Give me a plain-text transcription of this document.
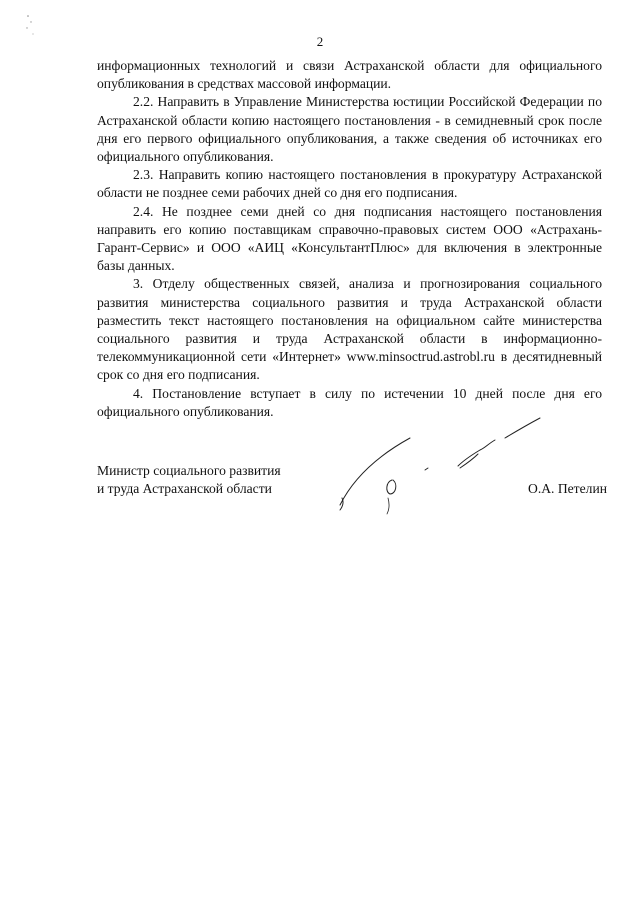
2

информационных технологий и связи Астраханской области для официального опубликования в средствах массовой информации.

2.2. Направить в Управление Министерства юстиции Российской Федерации по Астраханской области копию настоящего постановления - в семидневный срок после дня его первого официального опубликования, а также сведения об источниках его официального опубликования.

2.3. Направить копию настоящего постановления в прокуратуру Астраханской области не позднее семи рабочих дней со дня его подписания.

2.4. Не позднее семи дней со дня подписания настоящего постановления направить его копию поставщикам справочно-правовых систем ООО «Астрахань-Гарант-Сервис» и ООО «АИЦ «КонсультантПлюс» для включения в электронные базы данных.

3. Отделу общественных связей, анализа и прогнозирования социального развития министерства социального развития и труда Астраханской области разместить текст настоящего постановления на официальном сайте министерства социального развития и труда Астраханской области в информационно-телекоммуникационной сети «Интернет» www.minsoctrud.astrobl.ru в десятидневный срок со дня его подписания.

4. Постановление вступает в силу по истечении 10 дней после дня его официального опубликования.

Министр социального развития
и труда Астраханской области	О.А. Петелин
